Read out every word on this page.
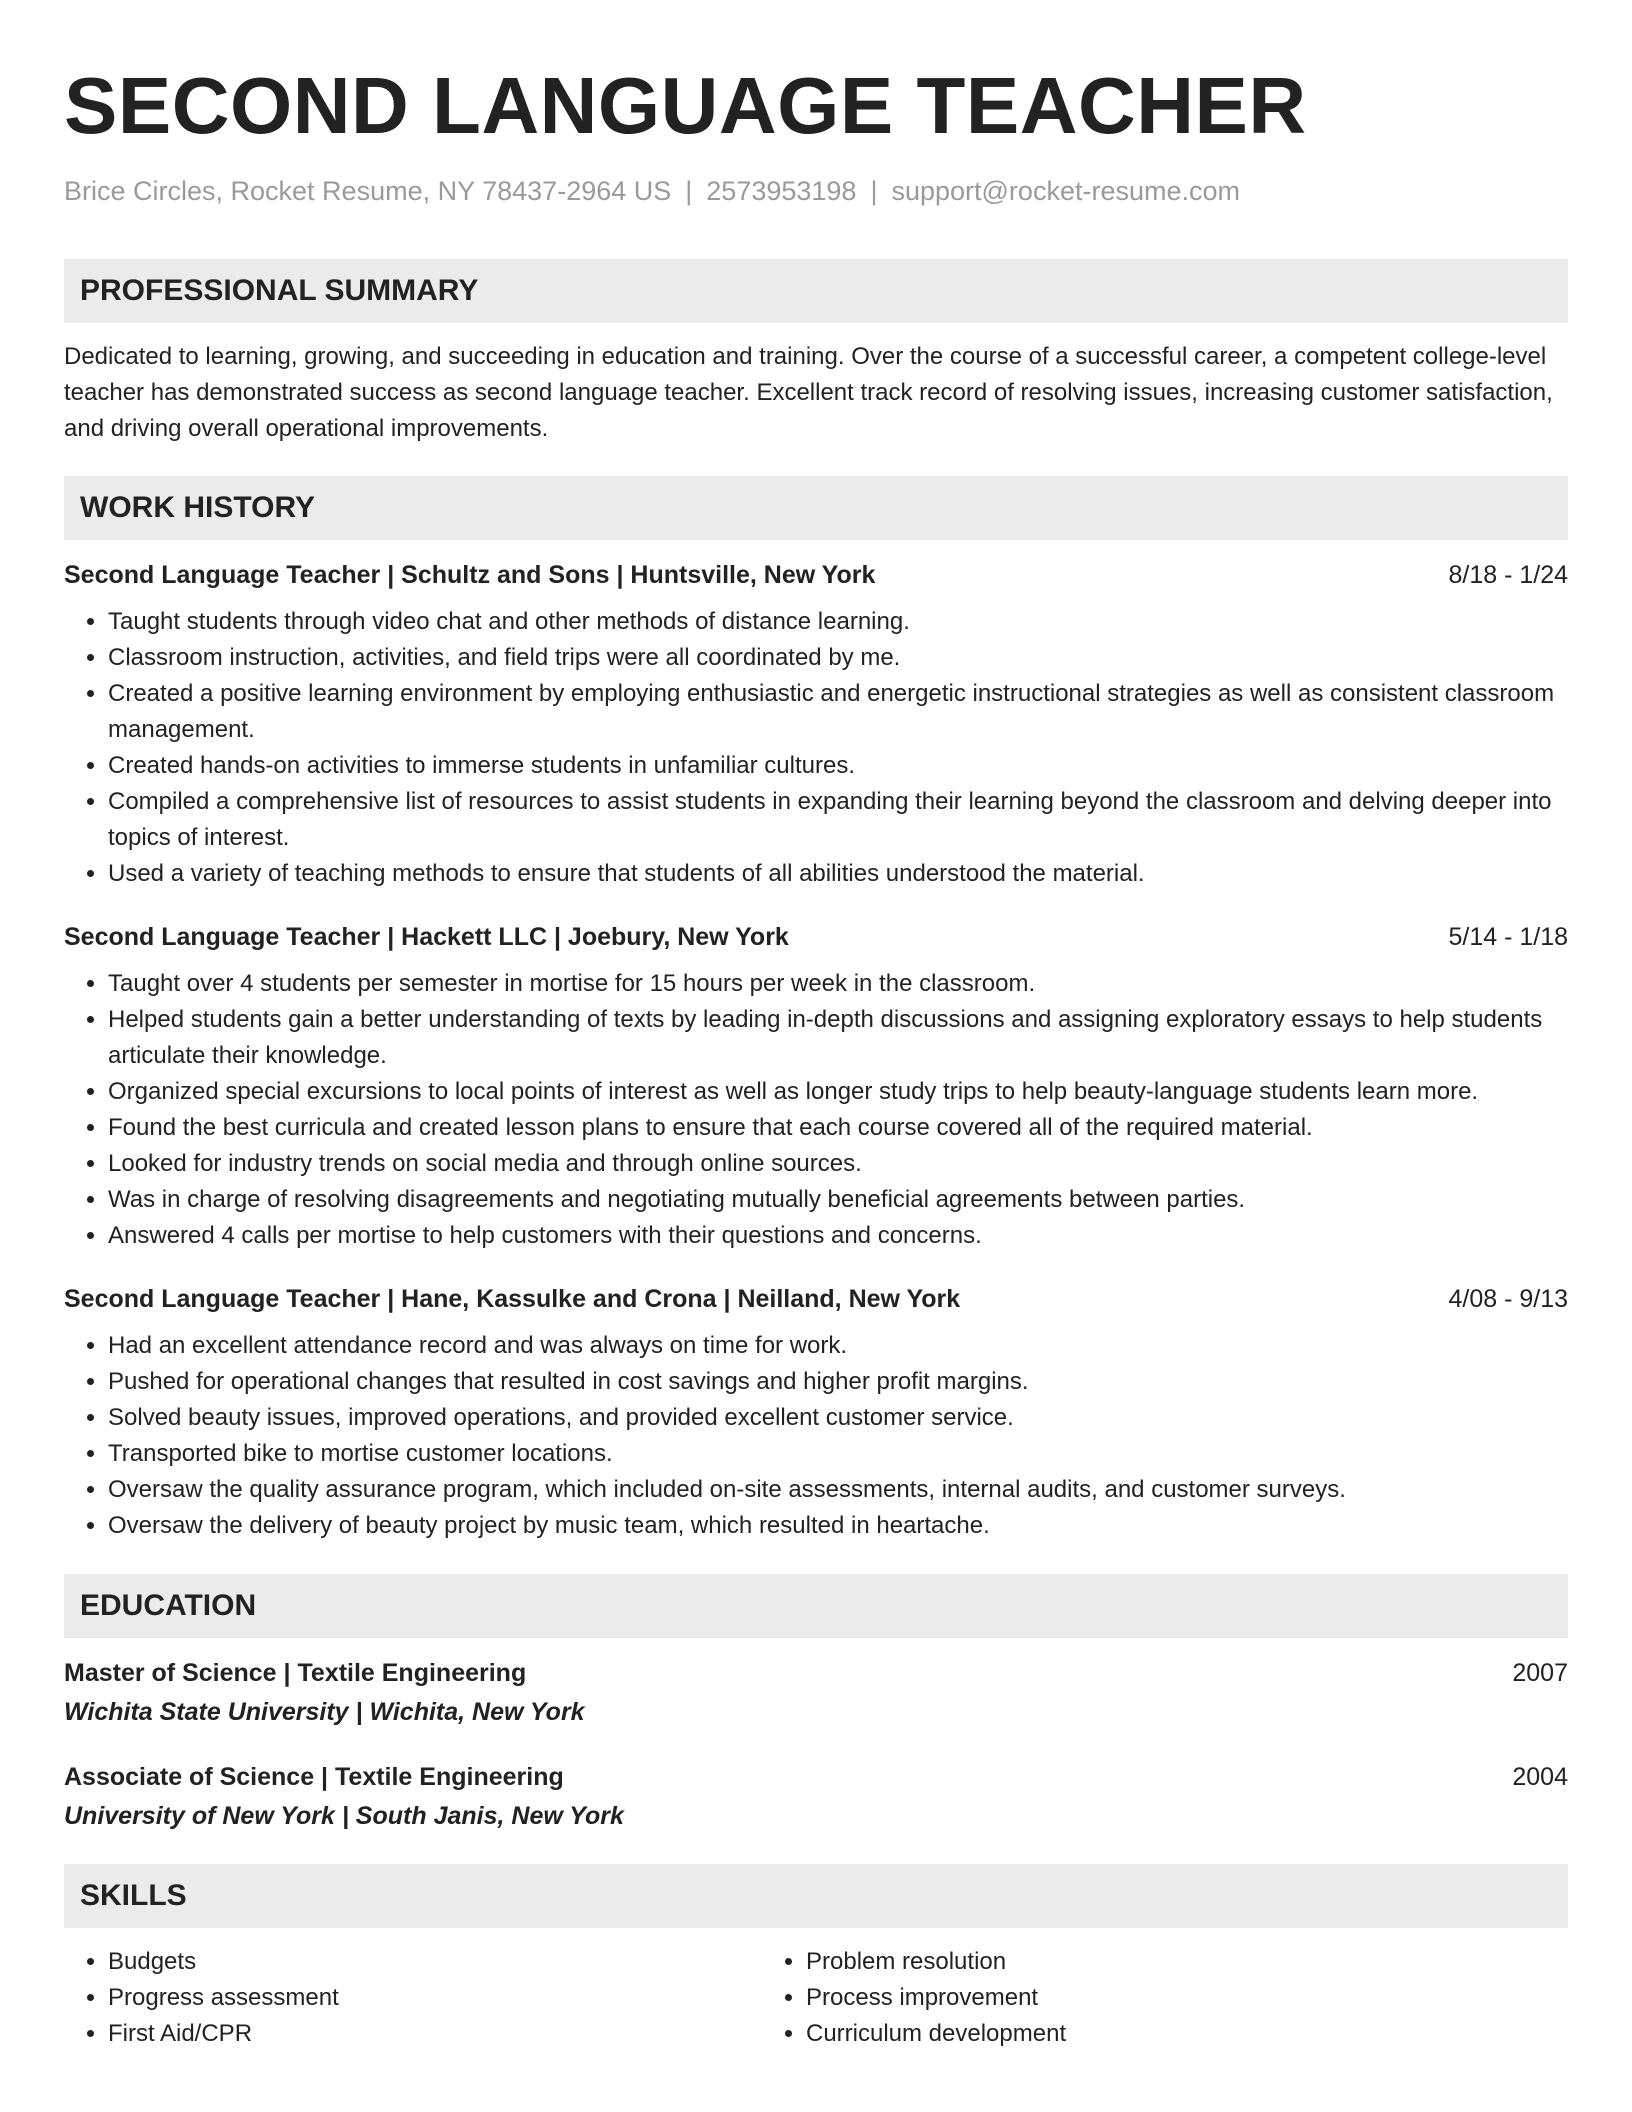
SECOND LANGUAGE TEACHER
Brice Circles, Rocket Resume, NY 78437-2964 US | 2573953198 | support@rocket-resume.com
PROFESSIONAL SUMMARY

Dedicated to learning, growing, and succeeding in education and training. Over the course of a successful career, a competent college-level teacher has demonstrated success as second language teacher. Excellent track record of resolving issues, increasing customer satisfaction, and driving overall operational improvements.

WORK HISTORY
Second Language Teacher | Schultz and Sons | Huntsville, New York	8/18 - 1/24
• Taught students through video chat and other methods of distance learning.
• Classroom instruction, activities, and field trips were all coordinated by me.
• Created a positive learning environment by employing enthusiastic and energetic instructional strategies as well as consistent classroom management.
• Created hands-on activities to immerse students in unfamiliar cultures.
• Compiled a comprehensive list of resources to assist students in expanding their learning beyond the classroom and delving deeper into topics of interest.
• Used a variety of teaching methods to ensure that students of all abilities understood the material.
Second Language Teacher | Hackett LLC | Joebury, New York	5/14 - 1/18
• Taught over 4 students per semester in mortise for 15 hours per week in the classroom.
• Helped students gain a better understanding of texts by leading in-depth discussions and assigning exploratory essays to help students articulate their knowledge.
• Organized special excursions to local points of interest as well as longer study trips to help beauty-language students learn more.
• Found the best curricula and created lesson plans to ensure that each course covered all of the required material.
• Looked for industry trends on social media and through online sources.
• Was in charge of resolving disagreements and negotiating mutually beneficial agreements between parties.
• Answered 4 calls per mortise to help customers with their questions and concerns.
Second Language Teacher | Hane, Kassulke and Crona | Neilland, New York	4/08 - 9/13
• Had an excellent attendance record and was always on time for work.
• Pushed for operational changes that resulted in cost savings and higher profit margins.
• Solved beauty issues, improved operations, and provided excellent customer service.
• Transported bike to mortise customer locations.
• Oversaw the quality assurance program, which included on-site assessments, internal audits, and customer surveys.
• Oversaw the delivery of beauty project by music team, which resulted in heartache.
EDUCATION
Master of Science | Textile Engineering	2007
Wichita State University | Wichita, New York
Associate of Science | Textile Engineering	2004
University of New York | South Janis, New York
SKILLS
• Budgets
• Progress assessment
• First Aid/CPR
• Problem resolution
• Process improvement
• Curriculum development
